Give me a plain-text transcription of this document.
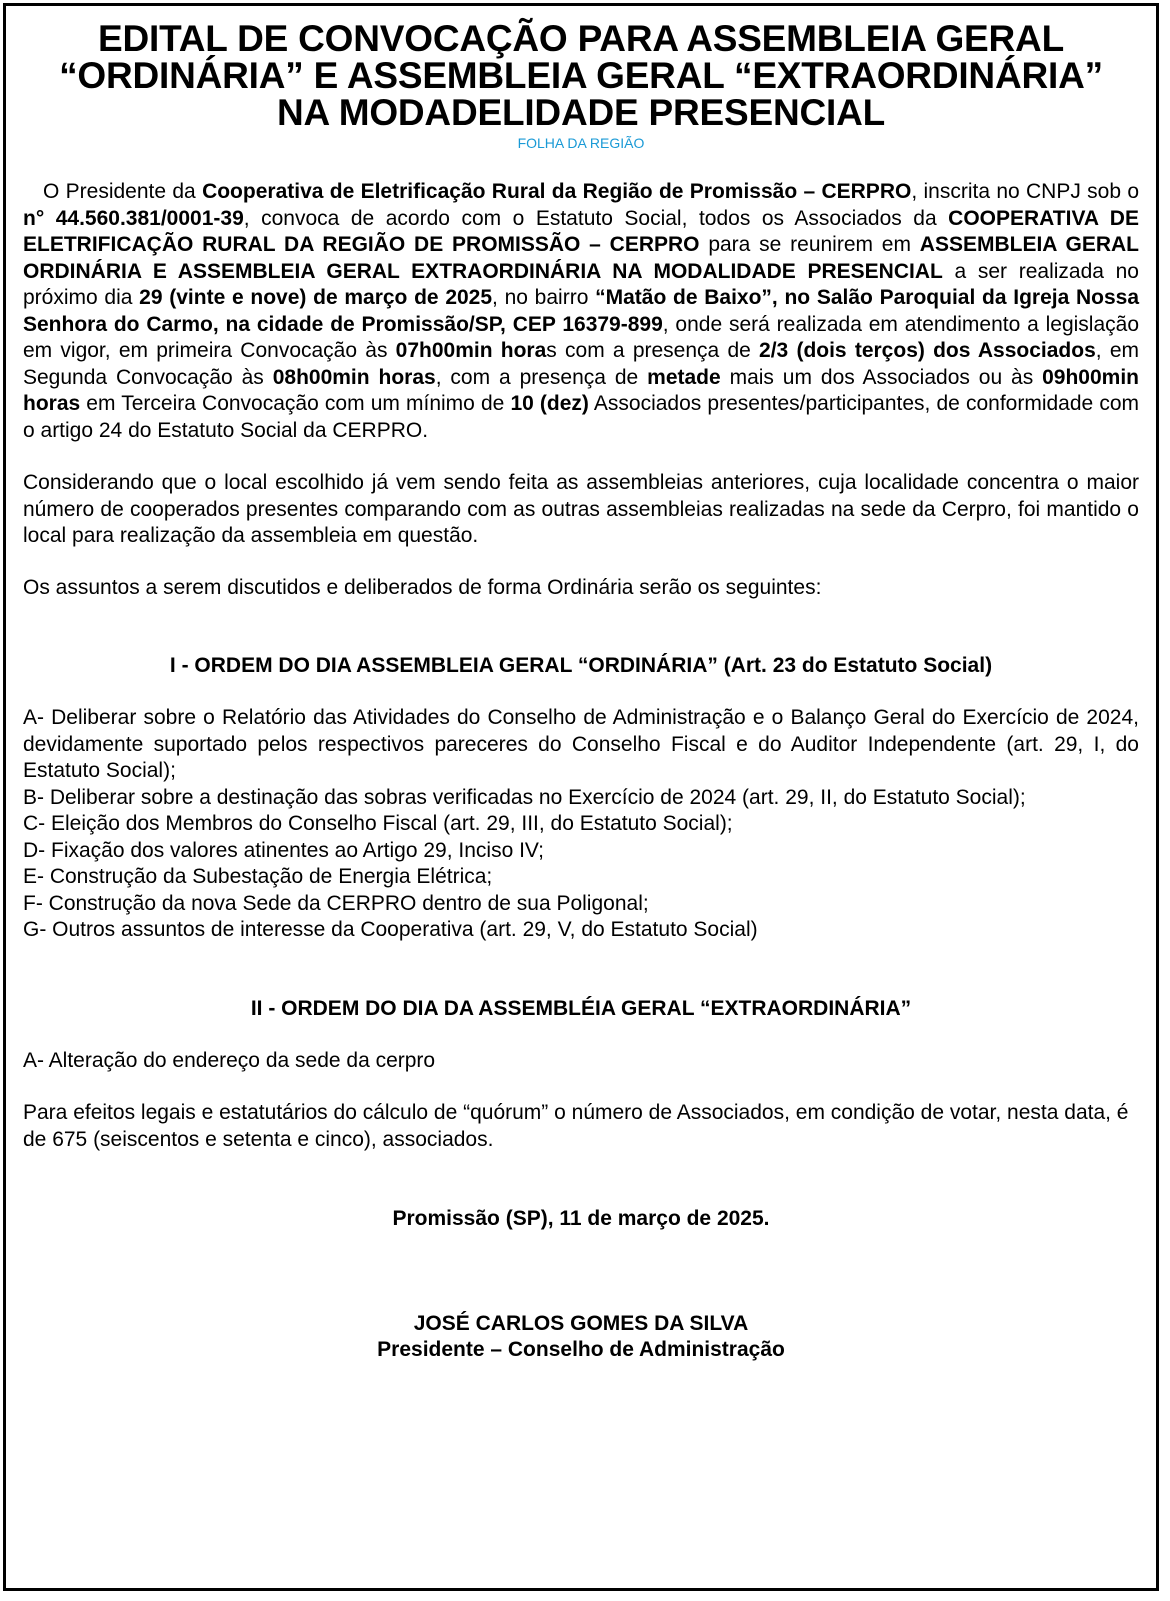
EDITAL DE CONVOCAÇÃO PARA ASSEMBLEIA GERAL
“ORDINÁRIA” E ASSEMBLEIA GERAL “EXTRAORDINÁRIA”
NA MODADELIDADE PRESENCIAL
FOLHA DA REGIÃO

O Presidente da Cooperativa de Eletrificação Rural da Região de Promissão – CERPRO, inscrita no CNPJ sob o n° 44.560.381/0001-39, convoca de acordo com o Estatuto Social, todos os Associados da COOPERATIVA DE ELETRIFICAÇÃO RURAL DA REGIÃO DE PROMISSÃO – CERPRO para se reunirem em ASSEMBLEIA GERAL ORDINÁRIA E ASSEMBLEIA GERAL EXTRAORDINÁRIA NA MODALIDADE PRESENCIAL a ser realizada no próximo dia 29 (vinte e nove) de março de 2025, no bairro “Matão de Baixo”, no Salão Paroquial da Igreja Nossa Senhora do Carmo, na cidade de Promissão/SP, CEP 16379-899, onde será realizada em atendimento a legislação em vigor, em primeira Convocação às 07h00min horas com a presença de 2/3 (dois terços) dos Associados, em Segunda Convocação às 08h00min horas, com a presença de metade mais um dos Associados ou às 09h00min horas em Terceira Convocação com um mínimo de 10 (dez) Associados presentes/participantes, de conformidade com o artigo 24 do Estatuto Social da CERPRO.

Considerando que o local escolhido já vem sendo feita as assembleias anteriores, cuja localidade concentra o maior número de cooperados presentes comparando com as outras assembleias realizadas na sede da Cerpro, foi mantido o local para realização da assembleia em questão.

Os assuntos a serem discutidos e deliberados de forma Ordinária serão os seguintes:

I - ORDEM DO DIA ASSEMBLEIA GERAL “ORDINÁRIA” (Art. 23 do Estatuto Social)

A- Deliberar sobre o Relatório das Atividades do Conselho de Administração e o Balanço Geral do Exercício de 2024, devidamente suportado pelos respectivos pareceres do Conselho Fiscal e do Auditor Independente (art. 29, I, do Estatuto Social);

B- Deliberar sobre a destinação das sobras verificadas no Exercício de 2024 (art. 29, II, do Estatuto Social);

C- Eleição dos Membros do Conselho Fiscal (art. 29, III, do Estatuto Social);

D- Fixação dos valores atinentes ao Artigo 29, Inciso IV;

E- Construção da Subestação de Energia Elétrica;

F- Construção da nova Sede da CERPRO dentro de sua Poligonal;

G- Outros assuntos de interesse da Cooperativa (art. 29, V, do Estatuto Social)

II - ORDEM DO DIA DA ASSEMBLÉIA GERAL “EXTRAORDINÁRIA”

A- Alteração do endereço da sede da cerpro

Para efeitos legais e estatutários do cálculo de “quórum” o número de Associados, em condição de votar, nesta data, é de 675 (seiscentos e setenta e cinco), associados.

Promissão (SP), 11 de março de 2025.

JOSÉ CARLOS GOMES DA SILVA
Presidente – Conselho de Administração
